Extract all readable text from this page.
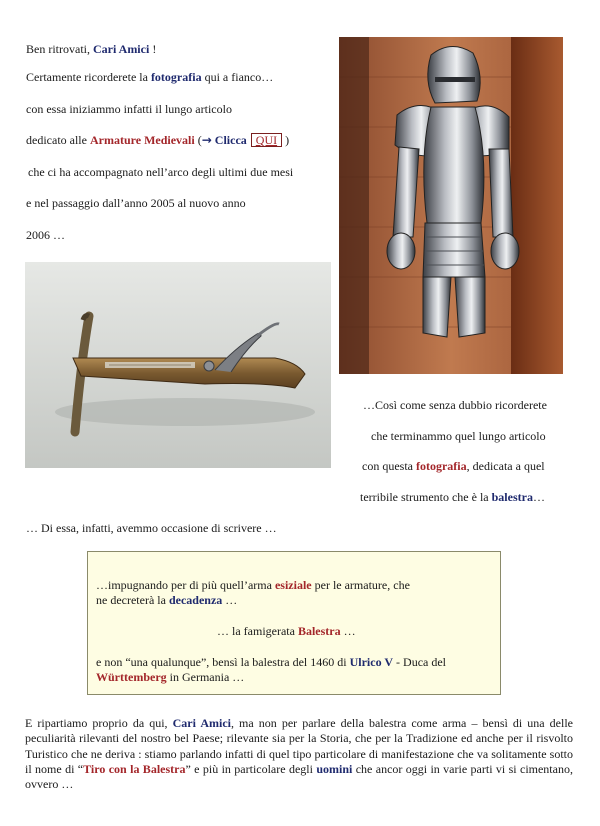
Ben ritrovati, Cari Amici !
Certamente ricorderete la fotografia qui a fianco…
con essa iniziammo infatti il lungo articolo
dedicato alle Armature Medievali (→ Clicca QUI )
che ci ha accompagnato nell’arco degli ultimi due mesi
e nel passaggio dall’anno 2005 al nuovo anno
2006 …
…Così come senza dubbio ricorderete
che terminammo quel lungo articolo
con questa fotografia, dedicata a quel
terribile strumento che è la balestra…
… Di essa, infatti, avemmo occasione di scrivere …
…impugnando per di più quell’arma esiziale per le armature, che
ne decreterà la decadenza …
… la famigerata Balestra …
e non “una qualunque”, bensì la balestra del 1460 di Ulrico V - Duca del
Württemberg in Germania …
E ripartiamo proprio da qui, Cari Amici, ma non per parlare della balestra come arma – bensì di una delle peculiarità rilevanti del nostro bel Paese; rilevante sia per la Storia, che per la Tradizione ed anche per il risvolto Turistico che ne deriva : stiamo parlando infatti di quel tipo particolare di manifestazione che va solitamente sotto il nome di “Tiro con la Balestra” e più in particolare degli uomini che ancor oggi in varie parti vi si cimentano, ovvero …
